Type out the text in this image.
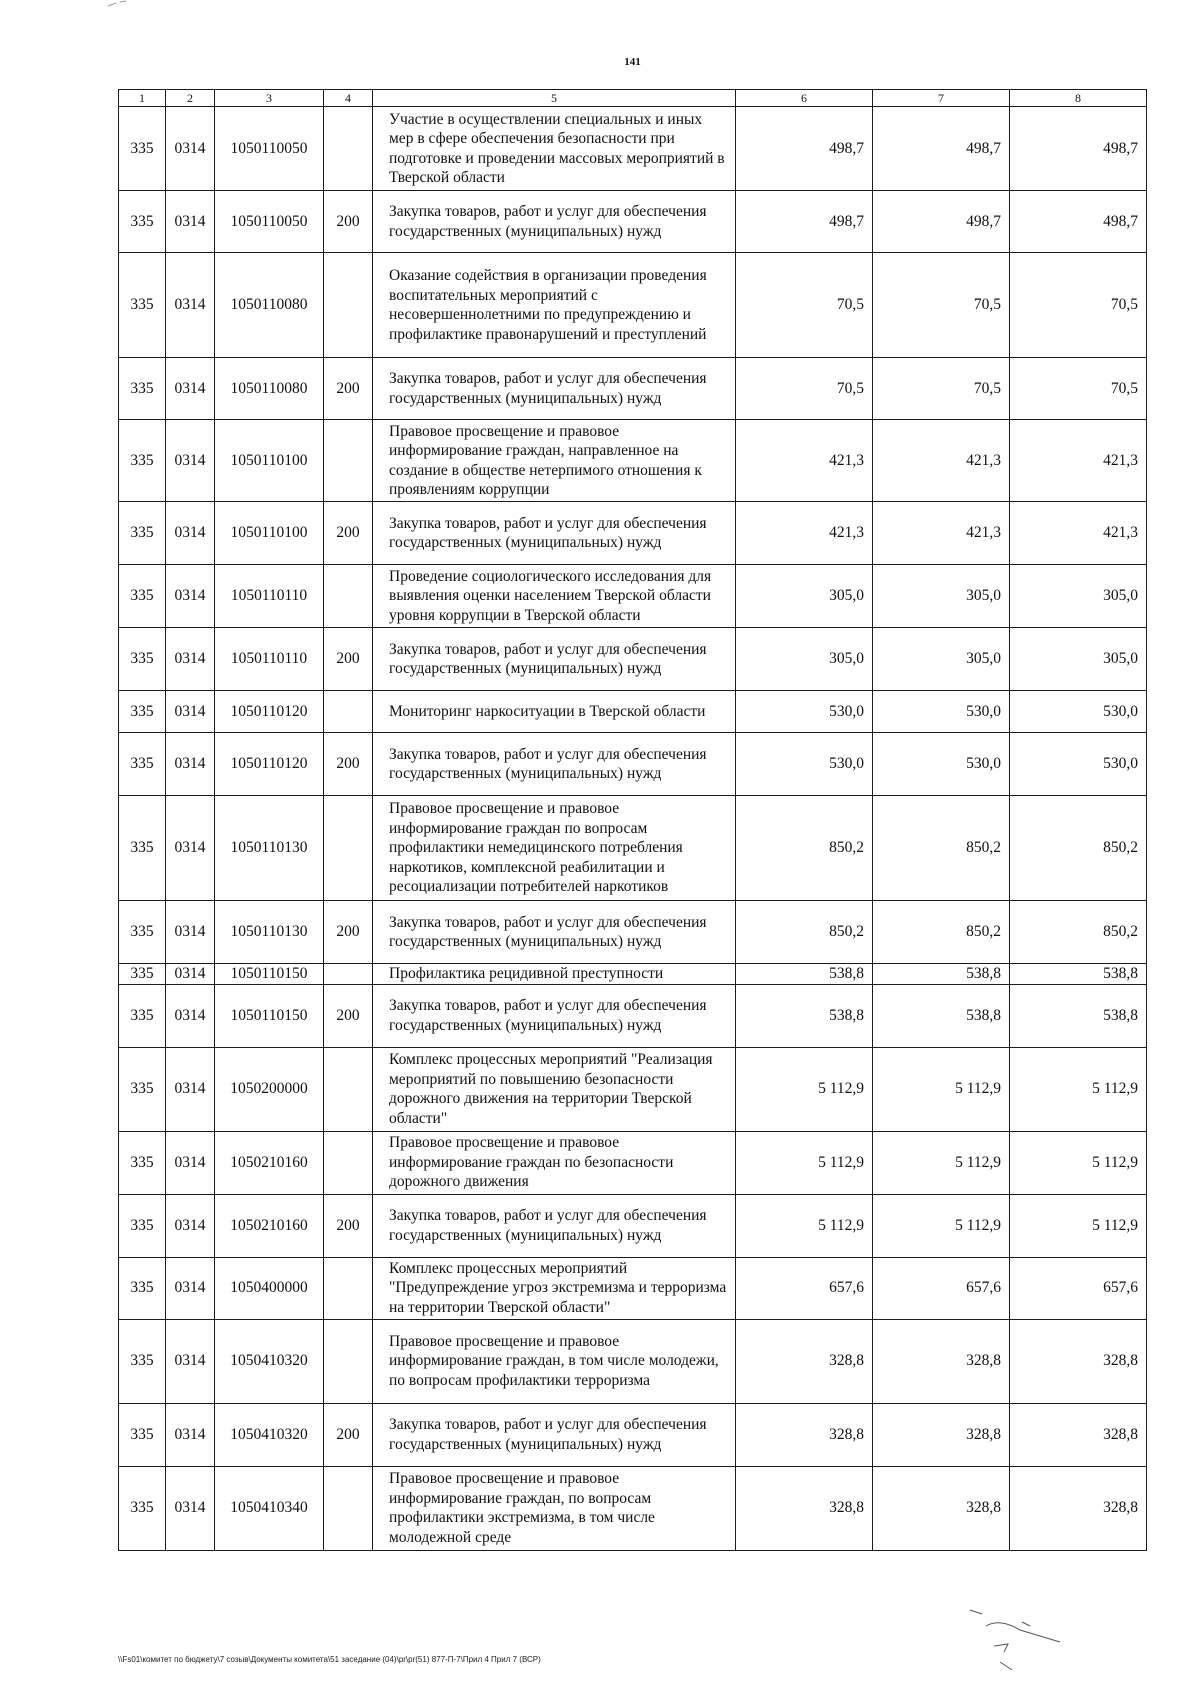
141
1	2	3	4	5	6	7	8
335	0314	1050110050		Участие в осуществлении специальных и иных мер в сфере обеспечения безопасности при подготовке и проведении массовых мероприятий в Тверской области	498,7	498,7	498,7
335	0314	1050110050	200	Закупка товаров, работ и услуг для обеспечения государственных (муниципальных) нужд	498,7	498,7	498,7
335	0314	1050110080		Оказание содействия в организации проведения воспитательных мероприятий с несовершеннолетними по предупреждению и профилактике правонарушений и преступлений	70,5	70,5	70,5
335	0314	1050110080	200	Закупка товаров, работ и услуг для обеспечения государственных (муниципальных) нужд	70,5	70,5	70,5
335	0314	1050110100		Правовое просвещение и правовое информирование граждан, направленное на создание в обществе нетерпимого отношения к проявлениям коррупции	421,3	421,3	421,3
335	0314	1050110100	200	Закупка товаров, работ и услуг для обеспечения государственных (муниципальных) нужд	421,3	421,3	421,3
335	0314	1050110110		Проведение социологического исследования для выявления оценки населением Тверской области уровня коррупции в Тверской области	305,0	305,0	305,0
335	0314	1050110110	200	Закупка товаров, работ и услуг для обеспечения государственных (муниципальных) нужд	305,0	305,0	305,0
335	0314	1050110120		Мониторинг наркоситуации в Тверской области	530,0	530,0	530,0
335	0314	1050110120	200	Закупка товаров, работ и услуг для обеспечения государственных (муниципальных) нужд	530,0	530,0	530,0
335	0314	1050110130		Правовое просвещение и правовое информирование граждан по вопросам профилактики немедицинского потребления наркотиков, комплексной реабилитации и ресоциализации потребителей наркотиков	850,2	850,2	850,2
335	0314	1050110130	200	Закупка товаров, работ и услуг для обеспечения государственных (муниципальных) нужд	850,2	850,2	850,2
335	0314	1050110150		Профилактика рецидивной преступности	538,8	538,8	538,8
335	0314	1050110150	200	Закупка товаров, работ и услуг для обеспечения государственных (муниципальных) нужд	538,8	538,8	538,8
335	0314	1050200000		Комплекс процессных мероприятий "Реализация мероприятий по повышению безопасности дорожного движения на территории Тверской области"	5 112,9	5 112,9	5 112,9
335	0314	1050210160		Правовое просвещение и правовое информирование граждан по безопасности дорожного движения	5 112,9	5 112,9	5 112,9
335	0314	1050210160	200	Закупка товаров, работ и услуг для обеспечения государственных (муниципальных) нужд	5 112,9	5 112,9	5 112,9
335	0314	1050400000		Комплекс процессных мероприятий "Предупреждение угроз экстремизма и терроризма на территории Тверской области"	657,6	657,6	657,6
335	0314	1050410320		Правовое просвещение и правовое информирование граждан, в том числе молодежи, по вопросам профилактики терроризма	328,8	328,8	328,8
335	0314	1050410320	200	Закупка товаров, работ и услуг для обеспечения государственных (муниципальных) нужд	328,8	328,8	328,8
335	0314	1050410340		Правовое просвещение и правовое информирование граждан, по вопросам профилактики экстремизма, в том числе молодежной среде	328,8	328,8	328,8
\\Fs01\комитет по бюджету\7 созыв\Документы комитета\51 заседание (04)\pr\pr(51) 877-П-7\Прил 4 Прил 7 (ВСР)
